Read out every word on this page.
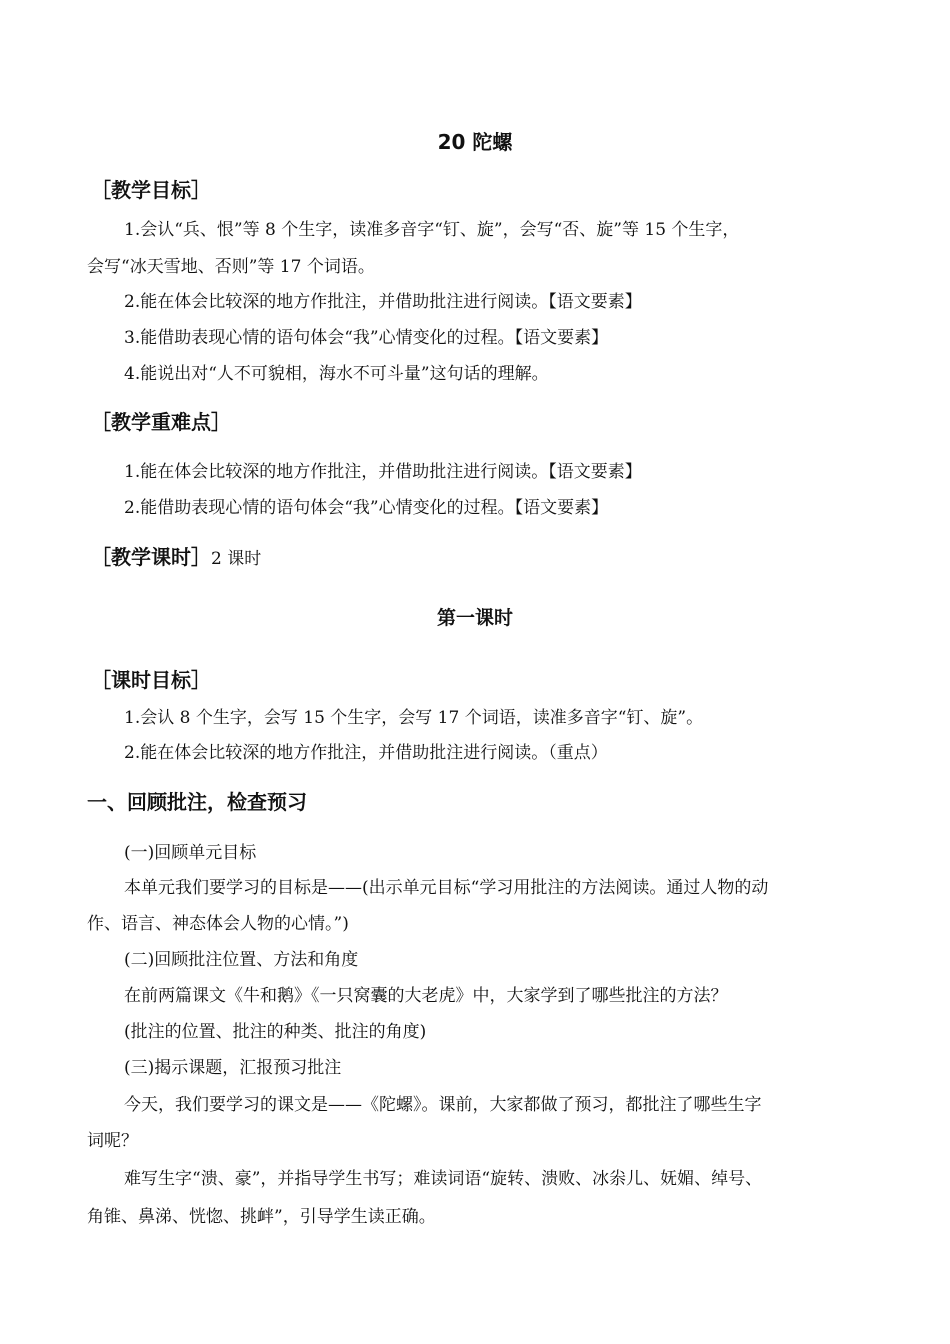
20 陀螺
［教学目标］

1.会认“兵、恨”等 8 个生字，读准多音字“钉、旋”，会写“否、旋”等 15 个生字，

会写“冰天雪地、否则”等 17 个词语。

2.能在体会比较深的地方作批注，并借助批注进行阅读。【语文要素】

3.能借助表现心情的语句体会“我”心情变化的过程。【语文要素】

4.能说出对“人不可貌相，海水不可斗量”这句话的理解。

［教学重难点］

1.能在体会比较深的地方作批注，并借助批注进行阅读。【语文要素】

2.能借助表现心情的语句体会“我”心情变化的过程。【语文要素】

［教学课时］2 课时
第一课时
［课时目标］

1.会认 8 个生字，会写 15 个生字，会写 17 个词语，读准多音字“钉、旋”。

2.能在体会比较深的地方作批注，并借助批注进行阅读。（重点）

一、回顾批注，检查预习

(一)回顾单元目标

本单元我们要学习的目标是——(出示单元目标“学习用批注的方法阅读。通过人物的动

作、语言、神态体会人物的心情。”)

(二)回顾批注位置、方法和角度

在前两篇课文《牛和鹅》《一只窝囊的大老虎》中，大家学到了哪些批注的方法？

(批注的位置、批注的种类、批注的角度)

(三)揭示课题，汇报预习批注

今天，我们要学习的课文是——《陀螺》。课前，大家都做了预习，都批注了哪些生字

词呢？

难写生字“溃、豪”，并指导学生书写；难读词语“旋转、溃败、冰尜儿、妩媚、绰号、

角锥、鼻涕、恍惚、挑衅”，引导学生读正确。
